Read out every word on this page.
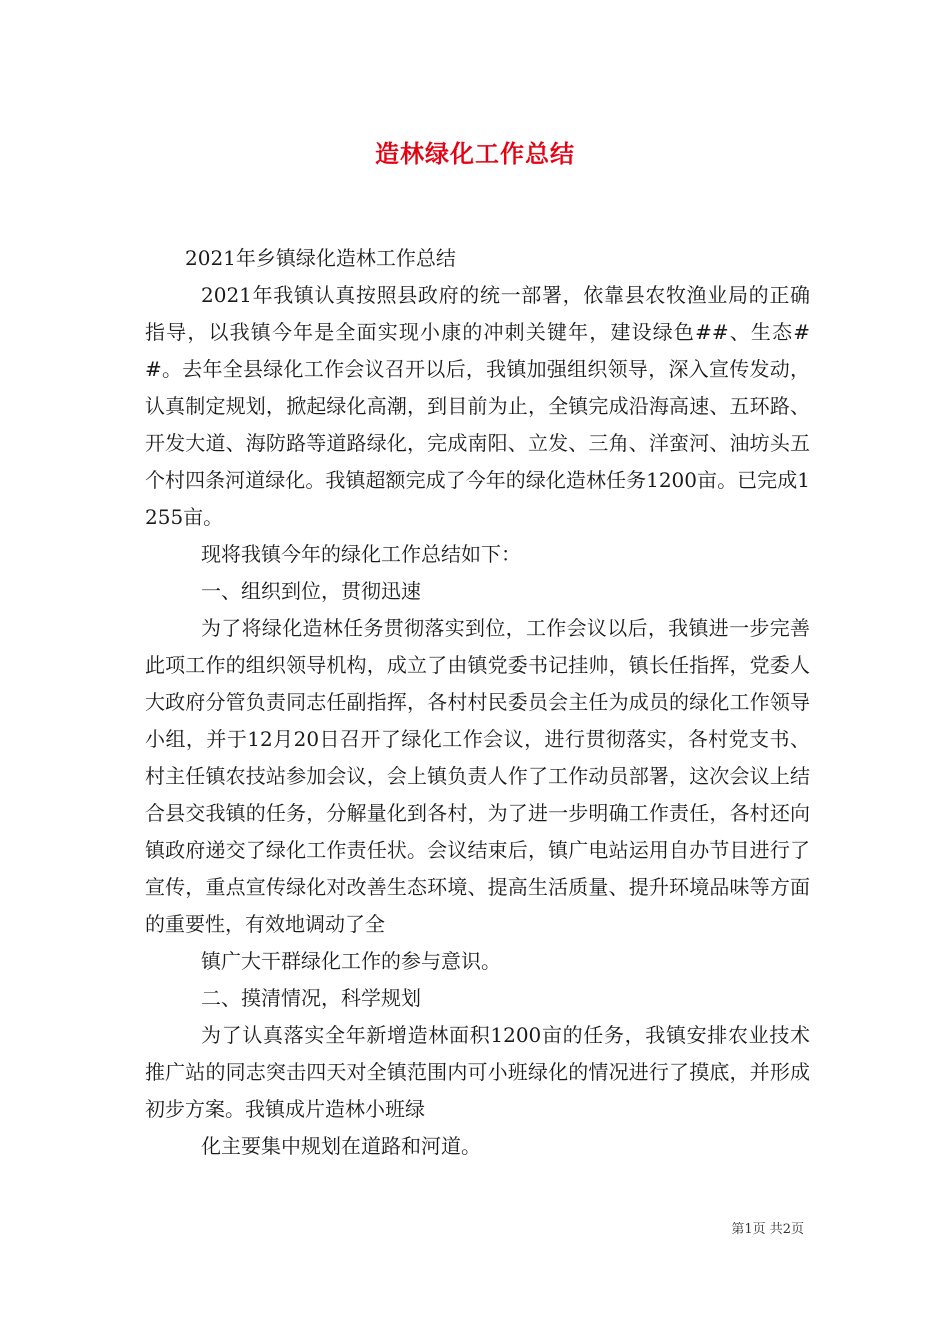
造林绿化工作总结

2021年乡镇绿化造林工作总结

2021年我镇认真按照县政府的统一部署，依靠县农牧渔业局的正确指导，以我镇今年是全面实现小康的冲刺关键年，建设绿色##、生态##。去年全县绿化工作会议召开以后，我镇加强组织领导，深入宣传发动，认真制定规划，掀起绿化高潮，到目前为止，全镇完成沿海高速、五环路、开发大道、海防路等道路绿化，完成南阳、立发、三角、洋蛮河、油坊头五个村四条河道绿化。我镇超额完成了今年的绿化造林任务1200亩。已完成1255亩。

现将我镇今年的绿化工作总结如下：

一、组织到位，贯彻迅速

为了将绿化造林任务贯彻落实到位，工作会议以后，我镇进一步完善此项工作的组织领导机构，成立了由镇党委书记挂帅，镇长任指挥，党委人大政府分管负责同志任副指挥，各村村民委员会主任为成员的绿化工作领导小组，并于12月20日召开了绿化工作会议，进行贯彻落实，各村党支书、村主任镇农技站参加会议，会上镇负责人作了工作动员部署，这次会议上结合县交我镇的任务，分解量化到各村，为了进一步明确工作责任，各村还向镇政府递交了绿化工作责任状。会议结束后，镇广电站运用自办节目进行了宣传，重点宣传绿化对改善生态环境、提高生活质量、提升环境品味等方面的重要性，有效地调动了全

镇广大干群绿化工作的参与意识。

二、摸清情况，科学规划

为了认真落实全年新增造林面积1200亩的任务，我镇安排农业技术推广站的同志突击四天对全镇范围内可小班绿化的情况进行了摸底，并形成初步方案。我镇成片造林小班绿

化主要集中规划在道路和河道。

第1页 共2页
